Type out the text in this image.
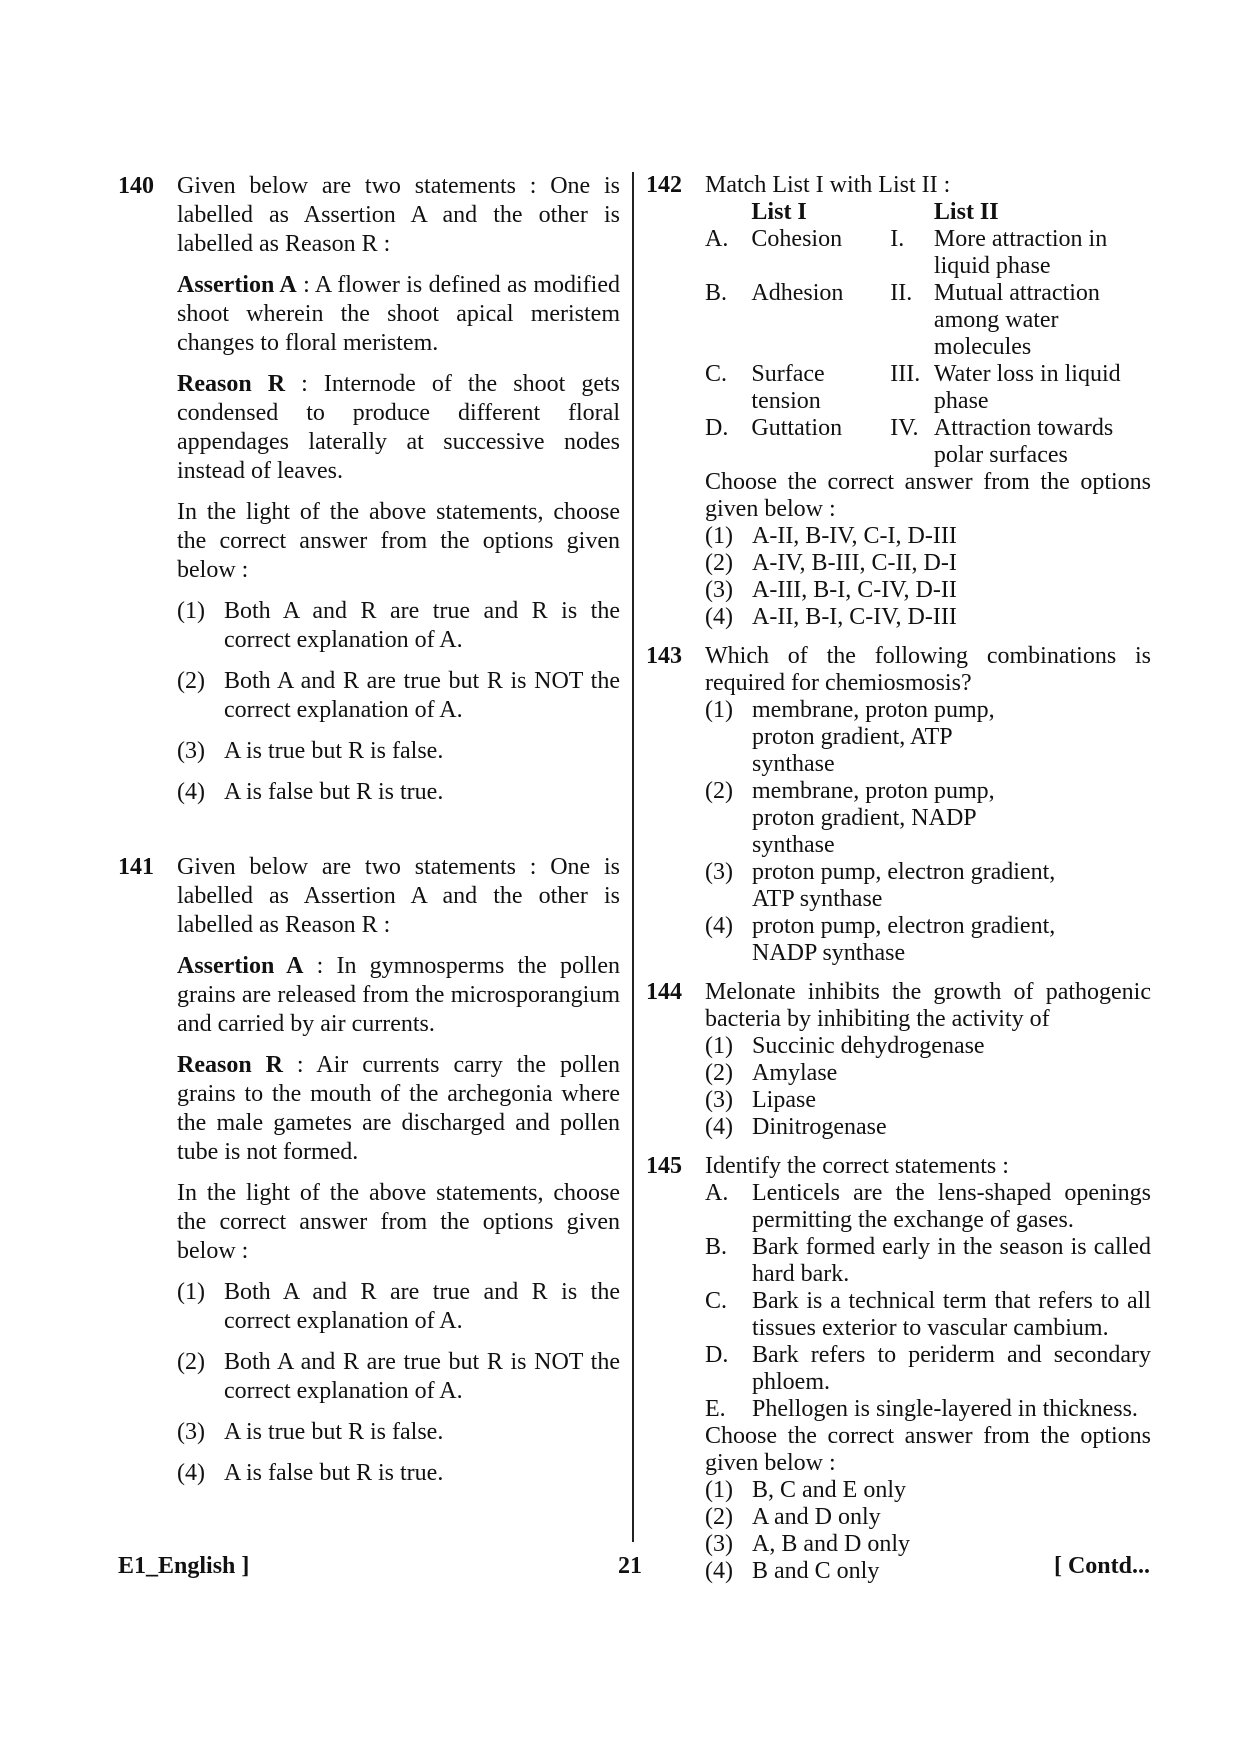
140 Given below are two statements : One is labelled as Assertion A and the other is labelled as Reason R :

Assertion A : A flower is defined as modified shoot wherein the shoot apical meristem changes to floral meristem.

Reason R : Internode of the shoot gets condensed to produce different floral appendages laterally at successive nodes instead of leaves.

In the light of the above statements, choose the correct answer from the options given below :

(1) Both A and R are true and R is the correct explanation of A.
(2) Both A and R are true but R is NOT the correct explanation of A.
(3) A is true but R is false.
(4) A is false but R is true.
141 Given below are two statements : One is labelled as Assertion A and the other is labelled as Reason R :

Assertion A : In gymnosperms the pollen grains are released from the microsporangium and carried by air currents.

Reason R : Air currents carry the pollen grains to the mouth of the archegonia where the male gametes are discharged and pollen tube is not formed.

In the light of the above statements, choose the correct answer from the options given below :

(1) Both A and R are true and R is the correct explanation of A.
(2) Both A and R are true but R is NOT the correct explanation of A.
(3) A is true but R is false.
(4) A is false but R is true.
142 Match List I with List II :
	List I		List II
A.	Cohesion	I.	More attraction in liquid phase
B.	Adhesion	II.	Mutual attraction among water molecules
C.	Surface tension	III.	Water loss in liquid phase
D.	Guttation	IV.	Attraction towards polar surfaces
Choose the correct answer from the options given below :
(1) A-II, B-IV, C-I, D-III
(2) A-IV, B-III, C-II, D-I
(3) A-III, B-I, C-IV, D-II
(4) A-II, B-I, C-IV, D-III
143 Which of the following combinations is required for chemiosmosis?
(1) membrane, proton pump, proton gradient, ATP synthase
(2) membrane, proton pump, proton gradient, NADP synthase
(3) proton pump, electron gradient, ATP synthase
(4) proton pump, electron gradient, NADP synthase
144 Melonate inhibits the growth of pathogenic bacteria by inhibiting the activity of
(1) Succinic dehydrogenase
(2) Amylase
(3) Lipase
(4) Dinitrogenase
145 Identify the correct statements :
A. Lenticels are the lens-shaped openings permitting the exchange of gases.
B. Bark formed early in the season is called hard bark.
C. Bark is a technical term that refers to all tissues exterior to vascular cambium.
D. Bark refers to periderm and secondary phloem.
E. Phellogen is single-layered in thickness.
Choose the correct answer from the options given below :
(1) B, C and E only
(2) A and D only
(3) A, B and D only
(4) B and C only
E1_English ]	21	[ Contd...
